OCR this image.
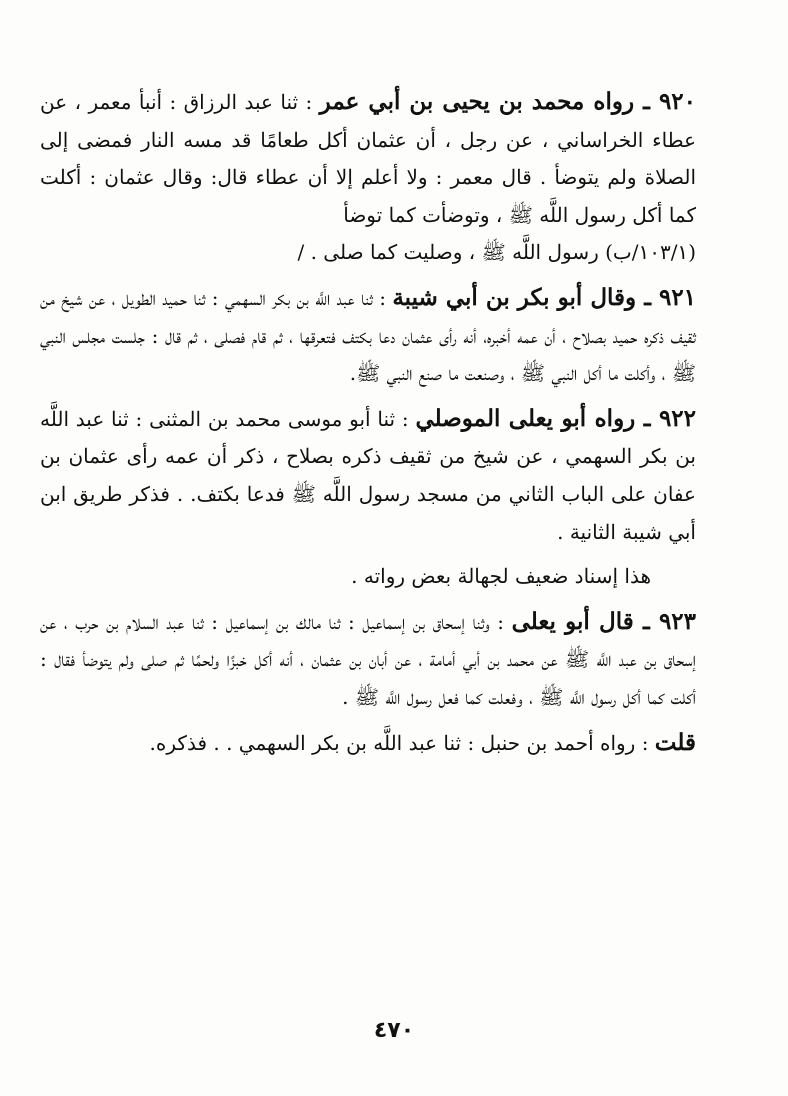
٩٢٠ ـ رواه محمد بن يحيى بن أبي عمر : ثنا عبد الرزاق : أنبأ معمر ، عن عطاء الخراساني ، عن رجل ، أن عثمان أكل طعامًا قد مسه النار فمضى إلى الصلاة ولم يتوضأ . قال معمر : ولا أعلم إلا أن عطاء قال: وقال عثمان : أكلت كما أكل رسول اللَّه ﷺ ، وتوضأت كما توضأ
(١٠٣/١/ب) رسول اللَّه ﷺ ، وصليت كما صلى . /

٩٢١ ـ وقال أبو بكر بن أبي شيبة : ثنا عبد اللَّه بن بكر السهمي : ثنا حميد الطويل ، عن شيخ من ثقيف ذكره حميد بصلاح ، أن عمه أخبره، أنه رأى عثمان دعا بكتف فتعرقها ، ثم قام فصلى ، ثم قال : جلست مجلس النبي ﷺ ، وأكلت ما أكل النبي ﷺ ، وصنعت ما صنع النبي ﷺ.

٩٢٢ ـ رواه أبو يعلى الموصلي : ثنا أبو موسى محمد بن المثنى : ثنا عبد اللَّه بن بكر السهمي ، عن شيخ من ثقيف ذكره بصلاح ، ذكر أن عمه رأى عثمان بن عفان على الباب الثاني من مسجد رسول اللَّه ﷺ فدعا بكتف. . فذكر طريق ابن أبي شيبة الثانية .

هذا إسناد ضعيف لجهالة بعض رواته .

٩٢٣ ـ قال أبو يعلى : وثنا إسحاق بن إسماعيل : ثنا مالك بن إسماعيل : ثنا عبد السلام بن حرب ، عن إسحاق بن عبد اللَّه ﷺ عن محمد بن أبي أمامة ، عن أبان بن عثمان ، أنه أكل خبزًا ولحمًا ثم صلى ولم يتوضأ فقال : أكلت كما أكل رسول اللَّه ﷺ ، وفعلت كما فعل رسول اللَّه ﷺ .

قلت : رواه أحمد بن حنبل : ثنا عبد اللَّه بن بكر السهمي . . فذكره.

٤٧٠
